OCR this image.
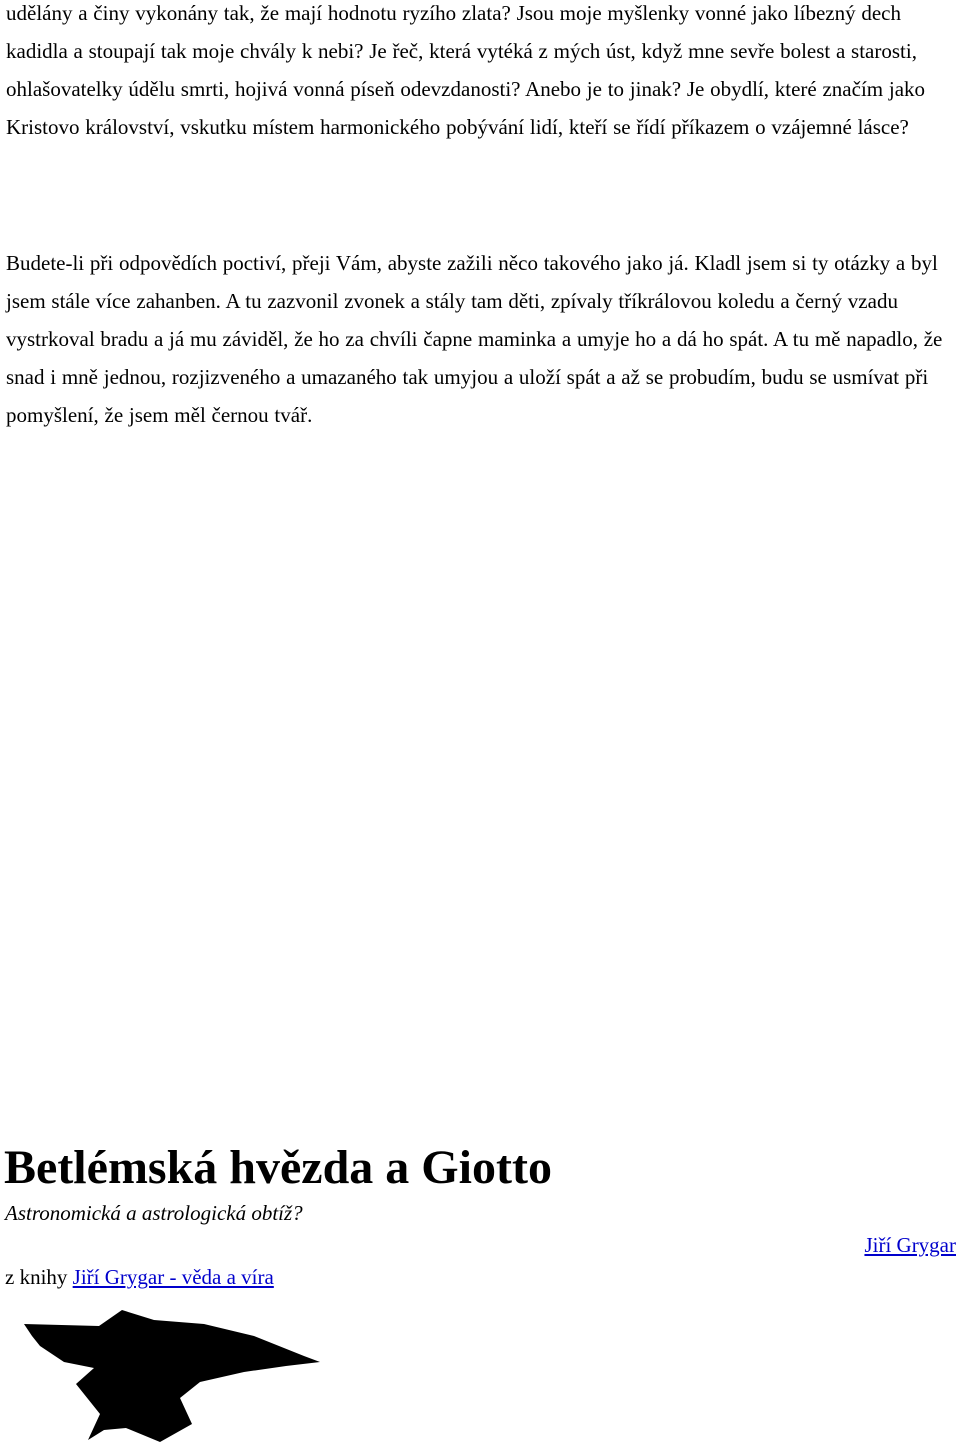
udělány a činy vykonány tak, že mají hodnotu ryzího zlata? Jsou moje myšlenky vonné jako líbezný dech kadidla a stoupají tak moje chvály k nebi? Je řeč, která vytéká z mých úst, když mne sevře bolest a starosti, ohlašovatelky údělu smrti, hojivá vonná píseň odevzdanosti? Anebo je to jinak? Je obydlí, které značím jako Kristovo království, vskutku místem harmonického pobývání lidí, kteří se řídí příkazem o vzájemné lásce?

Budete-li při odpovědích poctiví, přeji Vám, abyste zažili něco takového jako já. Kladl jsem si ty otázky a byl jsem stále více zahanben. A tu zazvonil zvonek a stály tam děti, zpívaly tříkrálovou koledu a černý vzadu vystrkoval bradu a já mu záviděl, že ho za chvíli čapne maminka a umyje ho a dá ho spát. A tu mě napadlo, že snad i mně jednou, rozjizveného a umazaného tak umyjou a uloží spát a až se probudím, budu se usmívat při pomyšlení, že jsem měl černou tvář.

Betlémská hvězda a Giotto

Astronomická a astrologická obtíž?

Jiří Grygar

z knihy Jiří Grygar - věda a víra
